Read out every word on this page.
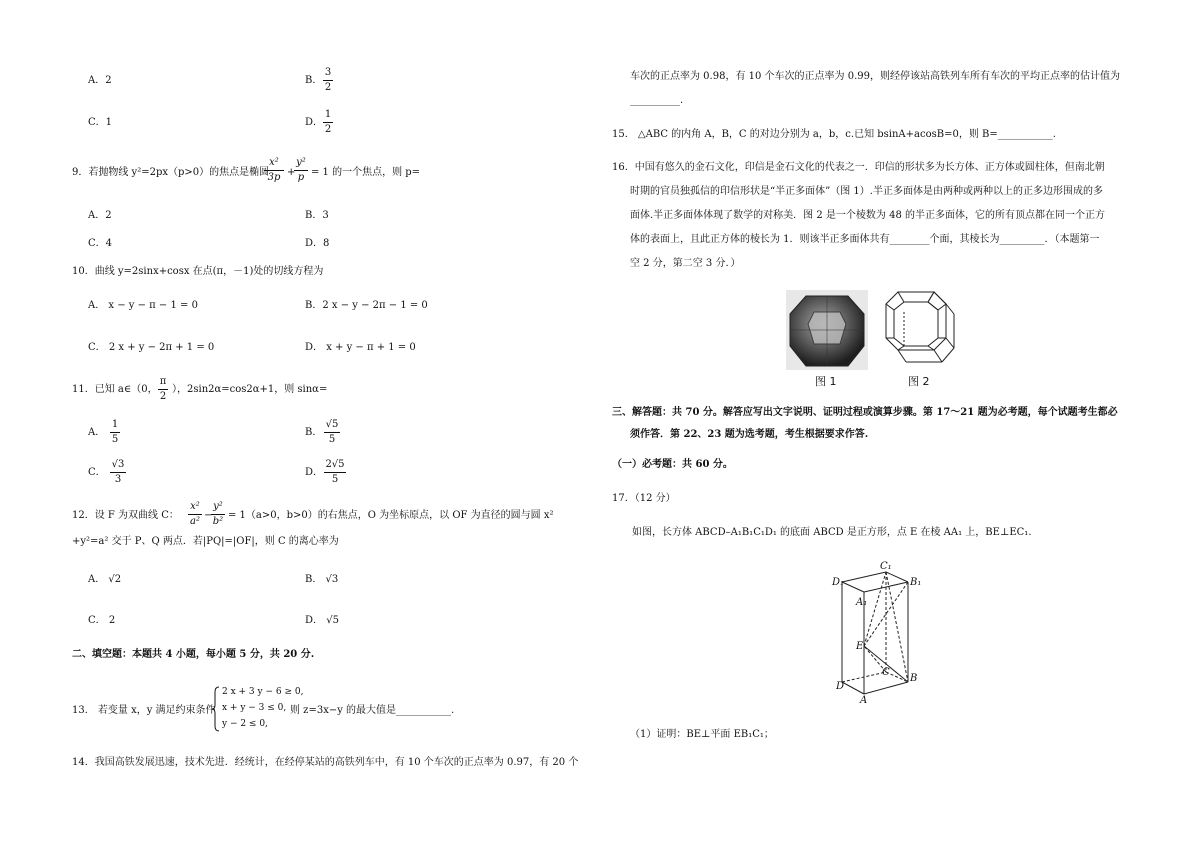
A．2	B．
3
2
C．1	D．
1
2
9．若抛物线 y²=2px（p>0）的焦点是椭圆
x²
3p +
y²
p = 1 的一个焦点，则 p=
A．2	B．3
C．4	D．8
10．曲线 y=2sinx+cosx 在点(π，－1)处的切线方程为
A． x − y − π − 1 = 0	B．2 x − y − 2π − 1 = 0
C． 2 x + y − 2π + 1 = 0	D． x + y − π + 1 = 0
11．已知 a∈（0，
π
2
），2sin2α=cos2α+1，则 sinα=
A．
1
5
B．
√5
5
C．
√3
3
D．
2√5
5
12．设 F 为双曲线 C：
x²
a²
−
y²
b²
= 1（a>0，b>0）的右焦点，O 为坐标原点，以 OF 为直径的圆与圆 x²
+y²=a² 交于 P、Q 两点．若|PQ|=|OF|，则 C 的离心率为
A． √2	B． √3
C． 2	D． √5
二、填空题：本题共 4 小题，每小题 5 分，共 20 分.
13． 若变量 x，y 满足约束条件
2 x + 3 y − 6 ≥ 0,
x + y − 3 ≤ 0,
y − 2 ≤ 0,
则 z=3x−y 的最大值是___________.
14．我国高铁发展迅速，技术先进．经统计，在经停某站的高铁列车中，有 10 个车次的正点率为 0.97，有 20 个
车次的正点率为 0.98，有 10 个车次的正点率为 0.99，则经停该站高铁列车所有车次的平均正点率的估计值为
__________.
15． △ABC 的内角 A，B，C 的对边分别为 a，b，c.已知 bsinA+acosB=0，则 B=___________.
16．中国有悠久的金石文化，印信是金石文化的代表之一．印信的形状多为长方体、正方体或圆柱体，但南北朝
时期的官员独孤信的印信形状是“半正多面体”（图 1）.半正多面体是由两种或两种以上的正多边形围成的多
面体.半正多面体体现了数学的对称美．图 2 是一个棱数为 48 的半正多面体，它的所有顶点都在同一个正方
体的表面上，且此正方体的棱长为 1．则该半正多面体共有________个面，其棱长为_________．（本题第一
空 2 分，第二空 3 分．）
图 1	图 2
三、解答题：共 70 分。解答应写出文字说明、证明过程或演算步骤。第 17～21 题为必考题，每个试题考生都必
须作答．第 22、23 题为选考题，考生根据要求作答.
（一）必考题：共 60 分。
17．（12 分）
如图，长方体 ABCD–A₁B₁C₁D₁ 的底面 ABCD 是正方形，点 E 在棱 AA₁ 上，BE⊥EC₁.
C₁
B₁
D₁
A₁
E
C
B
D
A
（1）证明：BE⊥平面 EB₁C₁；
